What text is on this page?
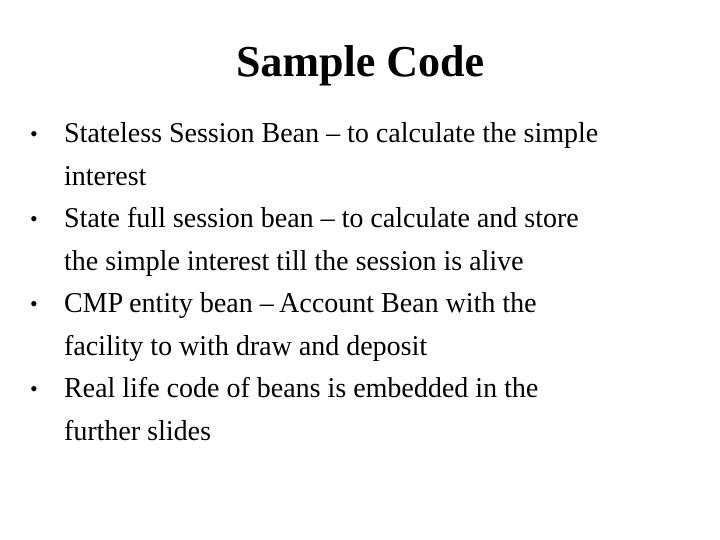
Sample Code
• Stateless Session Bean – to calculate the simple
interest
• State full session bean – to calculate and store
the simple interest till the session is alive
• CMP entity bean – Account Bean with the
facility to with draw and deposit
• Real life code of beans is embedded in the
further slides
